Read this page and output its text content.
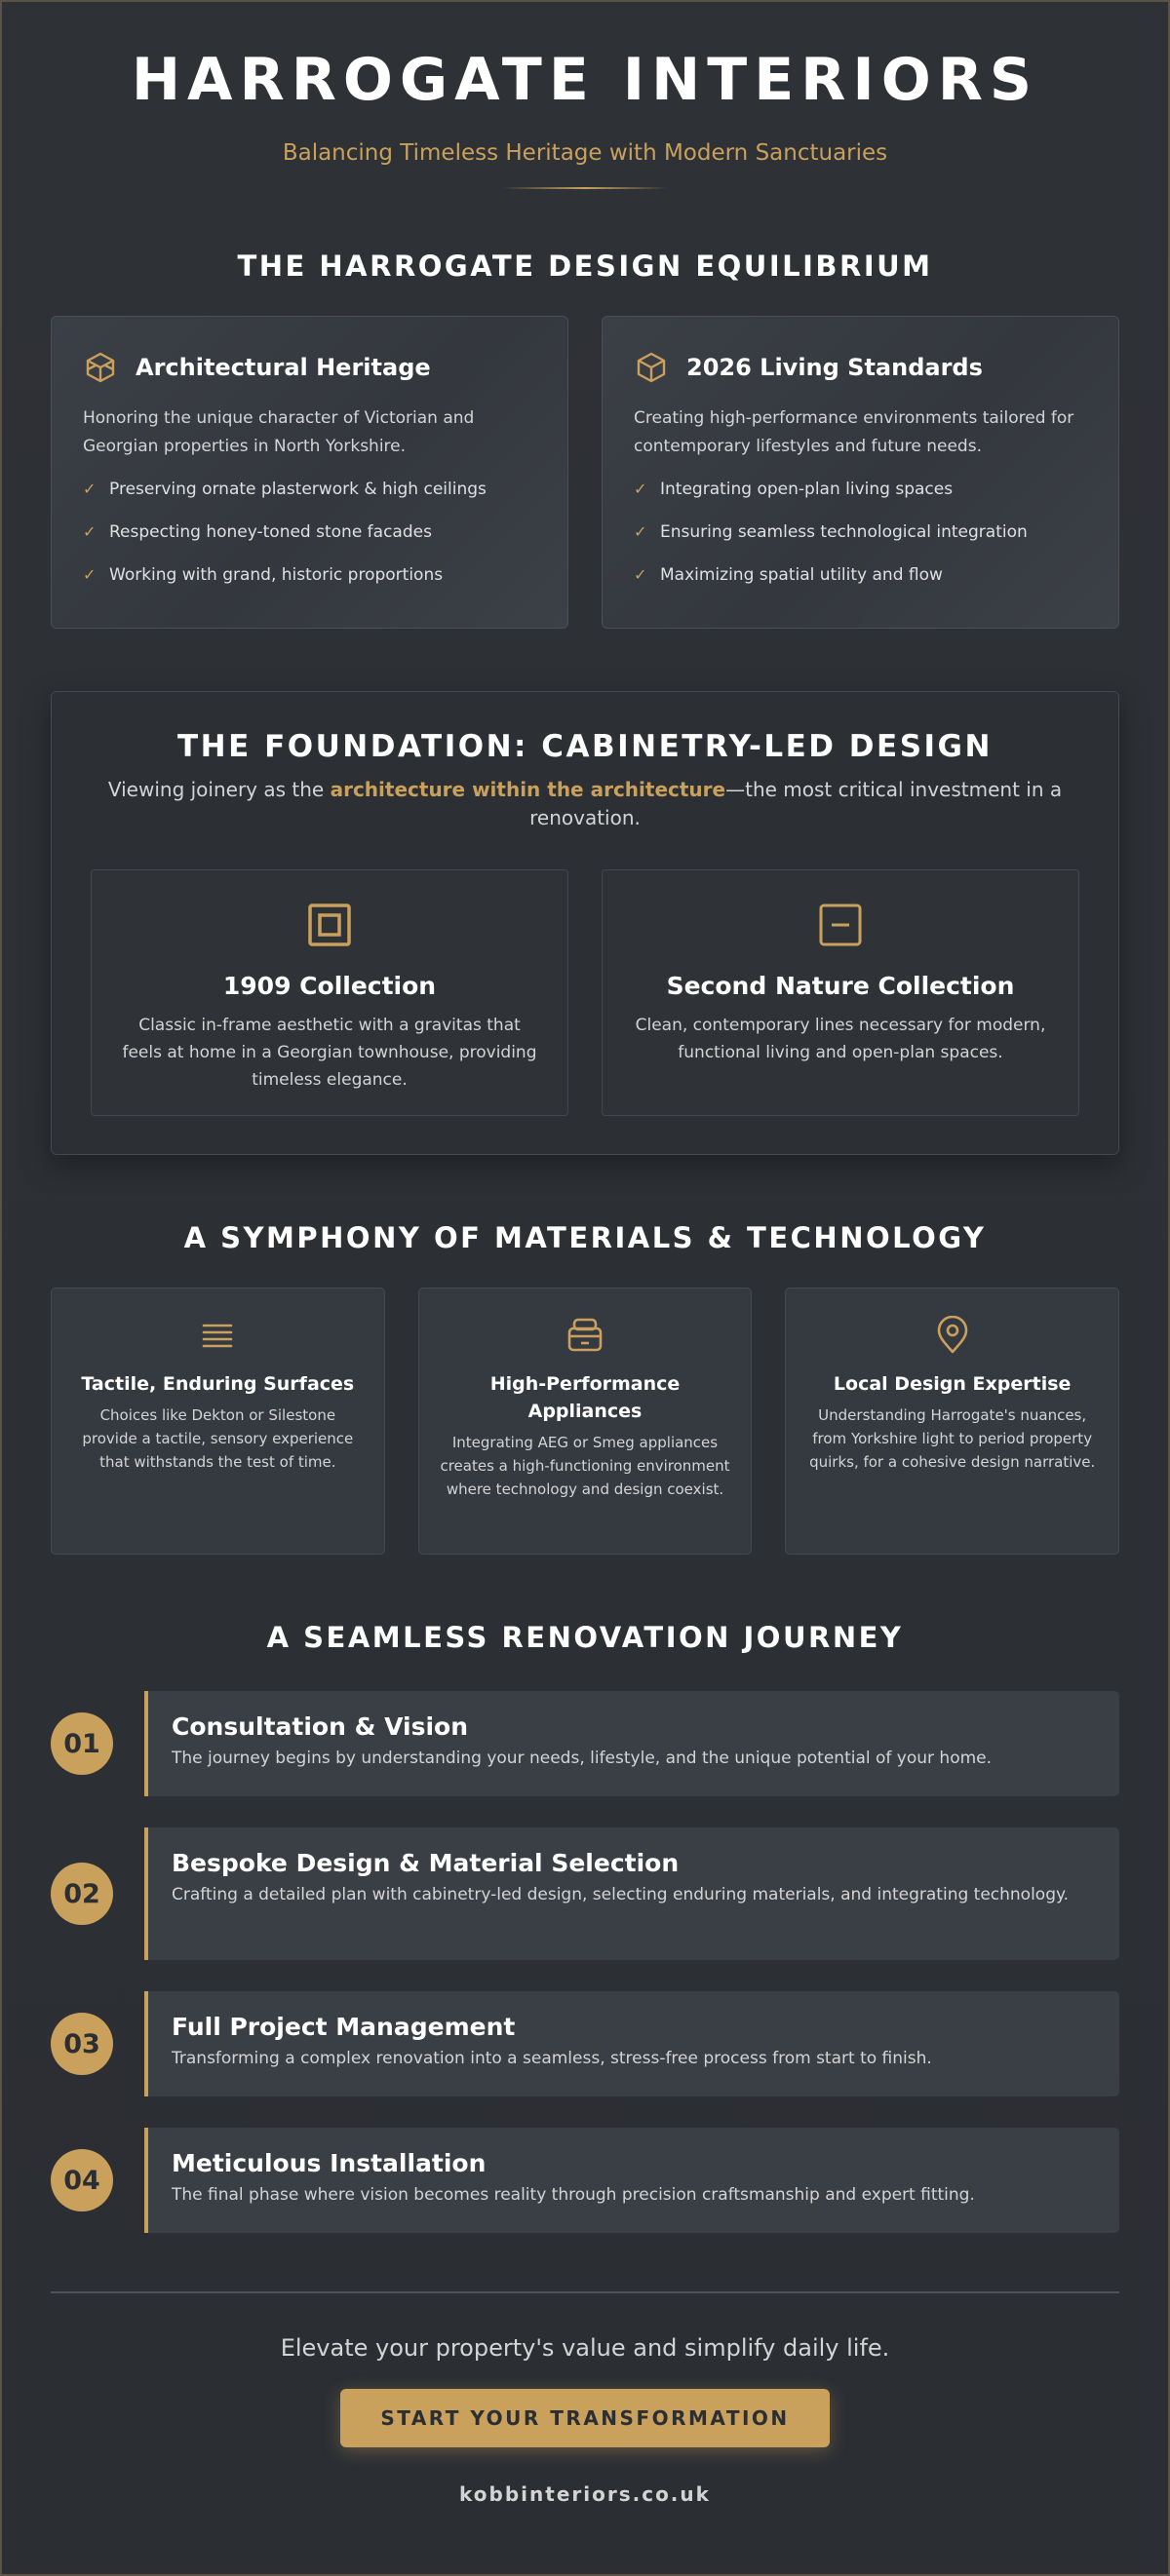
HARROGATE INTERIORS
Balancing Timeless Heritage with Modern Sanctuaries
THE HARROGATE DESIGN EQUILIBRIUM
Architectural Heritage

Honoring the unique character of Victorian and Georgian properties in North Yorkshire.

✓ Preserving ornate plasterwork & high ceilings
✓ Respecting honey-toned stone facades
✓ Working with grand, historic proportions
2026 Living Standards

Creating high-performance environments tailored for contemporary lifestyles and future needs.

✓ Integrating open-plan living spaces
✓ Ensuring seamless technological integration
✓ Maximizing spatial utility and flow
THE FOUNDATION: CABINETRY-LED DESIGN

Viewing joinery as the architecture within the architecture—the most critical investment in a renovation.

1909 Collection

Classic in-frame aesthetic with a gravitas that feels at home in a Georgian townhouse, providing timeless elegance.

Second Nature Collection

Clean, contemporary lines necessary for modern, functional living and open-plan spaces.

A SYMPHONY OF MATERIALS & TECHNOLOGY
Tactile, Enduring Surfaces

Choices like Dekton or Silestone provide a tactile, sensory experience that withstands the test of time.

High-Performance Appliances

Integrating AEG or Smeg appliances creates a high-functioning environment where technology and design coexist.

Local Design Expertise

Understanding Harrogate's nuances, from Yorkshire light to period property quirks, for a cohesive design narrative.

A SEAMLESS RENOVATION JOURNEY
01
Consultation & Vision

The journey begins by understanding your needs, lifestyle, and the unique potential of your home.

02
Bespoke Design & Material Selection

Crafting a detailed plan with cabinetry-led design, selecting enduring materials, and integrating technology.

03
Full Project Management

Transforming a complex renovation into a seamless, stress-free process from start to finish.

04
Meticulous Installation

The final phase where vision becomes reality through precision craftsmanship and expert fitting.

Elevate your property's value and simplify daily life.

START YOUR TRANSFORMATION
kobbinteriors.co.uk
